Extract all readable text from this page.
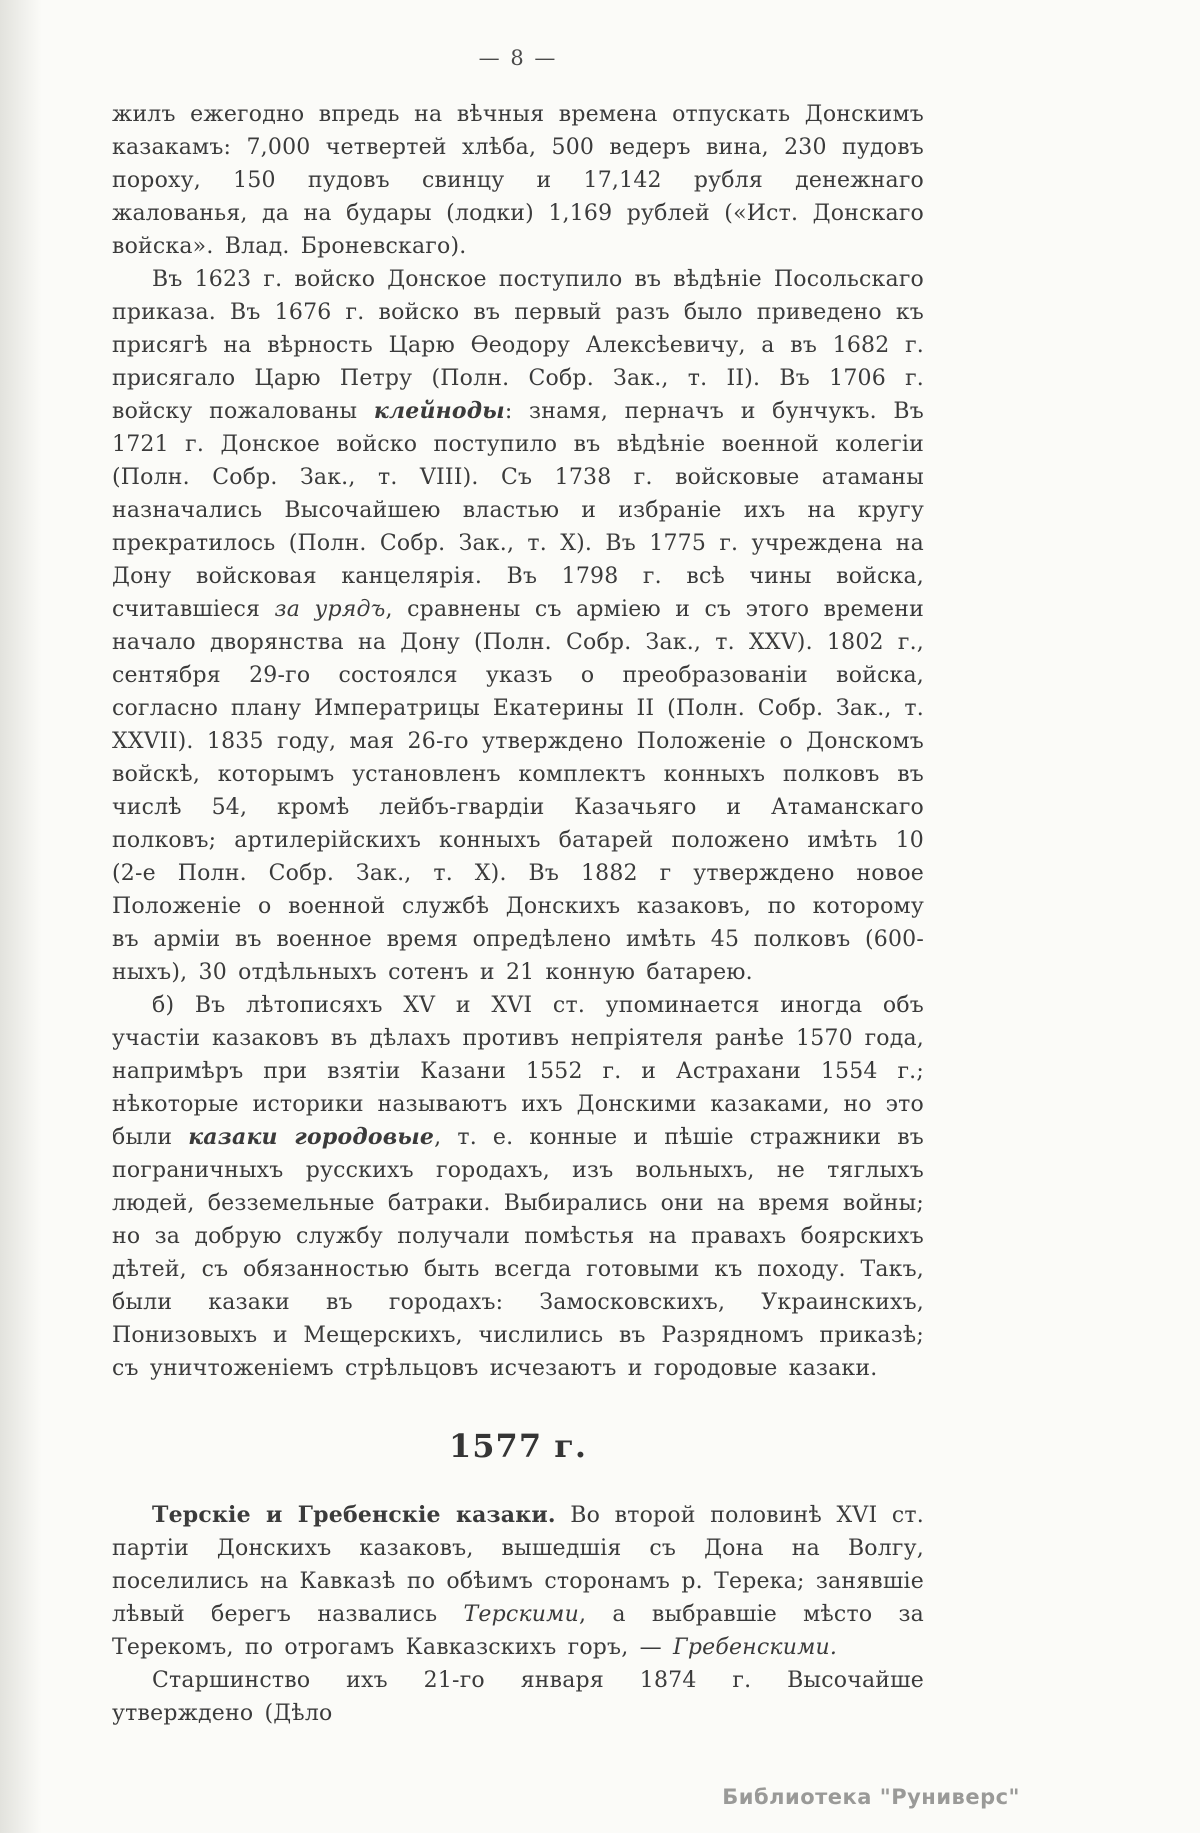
— 8 —

жилъ ежегодно впредь на вѣчныя времена отпускать Донскимъ казакамъ: 7,000 четвертей хлѣба, 500 ведеръ вина, 230 пудовъ пороху, 150 пудовъ свинцу и 17,142 рубля денежнаго жалованья, да на будары (лодки) 1,169 рублей («Ист. Донскаго войска». Влад. Броневскаго).

Въ 1623 г. войско Донское поступило въ вѣдѣніе Посольскаго приказа. Въ 1676 г. войско въ первый разъ было приведено къ присягѣ на вѣрность Царю Ѳеодору Алексѣевичу, а въ 1682 г. присягало Царю Петру (Полн. Собр. Зак., т. II). Въ 1706 г. войску пожалованы клейноды: знамя, перначъ и бунчукъ. Въ 1721 г. Донское войско поступило въ вѣдѣніе военной колегіи (Полн. Собр. Зак., т. VIII). Съ 1738 г. войсковые атаманы назначались Высочайшею властью и избраніе ихъ на кругу прекратилось (Полн. Собр. Зак., т. X). Въ 1775 г. учреждена на Дону войсковая канцелярія. Въ 1798 г. всѣ чины войска, считавшіеся за урядъ, сравнены съ арміею и съ этого времени начало дворянства на Дону (Полн. Собр. Зак., т. XXV). 1802 г., сентября 29-го состоялся указъ о преобразованіи войска, согласно плану Императрицы Екатерины II (Полн. Собр. Зак., т. XXVII). 1835 году, мая 26-го утверждено Положеніе о Донскомъ войскѣ, которымъ установленъ комплектъ конныхъ полковъ въ числѣ 54, кромѣ лейбъ-гвардіи Казачьяго и Атаманскаго полковъ; артилерійскихъ конныхъ батарей положено имѣть 10 (2-е Полн. Собр. Зак., т. X). Въ 1882 г утверждено новое Положеніе о военной службѣ Донскихъ казаковъ, по которому въ арміи въ военное время опредѣлено имѣть 45 полковъ (600-ныхъ), 30 отдѣльныхъ сотенъ и 21 конную батарею.

б) Въ лѣтописяхъ XV и XVI ст. упоминается иногда объ участіи казаковъ въ дѣлахъ противъ непріятеля ранѣе 1570 года, напримѣръ при взятіи Казани 1552 г. и Астрахани 1554 г.; нѣкоторые историки называютъ ихъ Донскими казаками, но это были казаки городовые, т. е. конные и пѣшіе стражники въ пограничныхъ русскихъ городахъ, изъ вольныхъ, не тяглыхъ людей, безземельные батраки. Выбирались они на время войны; но за добрую службу получали помѣстья на правахъ боярскихъ дѣтей, съ обязанностью быть всегда готовыми къ походу. Такъ, были казаки въ городахъ: Замосковскихъ, Украинскихъ, Понизовыхъ и Мещерскихъ, числились въ Разрядномъ приказѣ; съ уничтоженіемъ стрѣльцовъ исчезаютъ и городовые казаки.

1577 г.

Терскіе и Гребенскіе казаки. Во второй половинѣ XVI ст. партіи Донскихъ казаковъ, вышедшія съ Дона на Волгу, поселились на Кавказѣ по обѣимъ сторонамъ р. Терека; занявшіе лѣвый берегъ назвались Терскими, а выбравшіе мѣсто за Терекомъ, по отрогамъ Кавказскихъ горъ, — Гребенскими.

Старшинство ихъ 21-го января 1874 г. Высочайше утверждено (Дѣло

Библиотека "Руниверс"
